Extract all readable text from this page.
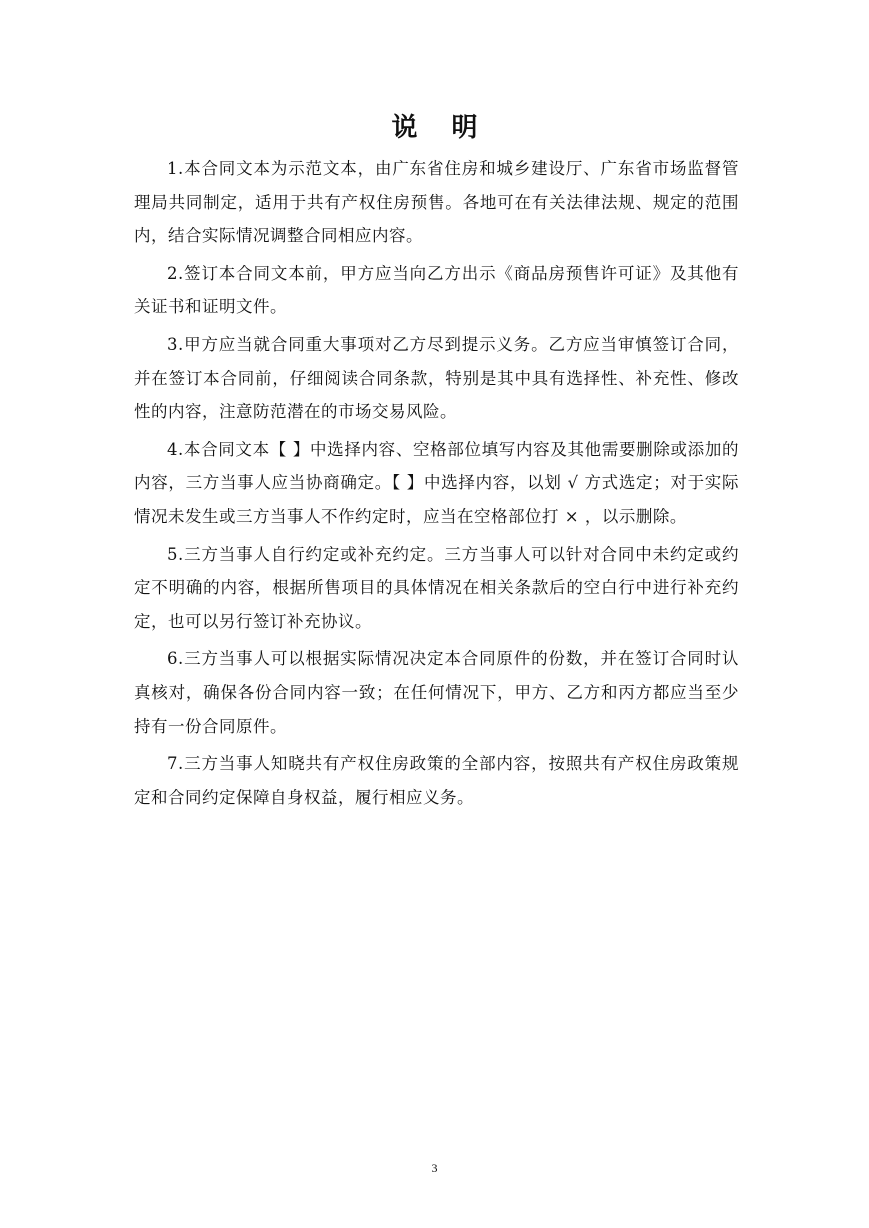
说明

1.本合同文本为示范文本，由广东省住房和城乡建设厅、广东省市场监督管理局共同制定，适用于共有产权住房预售。各地可在有关法律法规、规定的范围内，结合实际情况调整合同相应内容。

2.签订本合同文本前，甲方应当向乙方出示《商品房预售许可证》及其他有关证书和证明文件。

3.甲方应当就合同重大事项对乙方尽到提示义务。乙方应当审慎签订合同，并在签订本合同前，仔细阅读合同条款，特别是其中具有选择性、补充性、修改性的内容，注意防范潜在的市场交易风险。

4.本合同文本【 】中选择内容、空格部位填写内容及其他需要删除或添加的内容，三方当事人应当协商确定。【 】中选择内容，以划 √ 方式选定；对于实际情况未发生或三方当事人不作约定时，应当在空格部位打 × ，以示删除。

5.三方当事人自行约定或补充约定。三方当事人可以针对合同中未约定或约定不明确的内容，根据所售项目的具体情况在相关条款后的空白行中进行补充约定，也可以另行签订补充协议。

6.三方当事人可以根据实际情况决定本合同原件的份数，并在签订合同时认真核对，确保各份合同内容一致；在任何情况下，甲方、乙方和丙方都应当至少持有一份合同原件。

7.三方当事人知晓共有产权住房政策的全部内容，按照共有产权住房政策规定和合同约定保障自身权益，履行相应义务。

3
